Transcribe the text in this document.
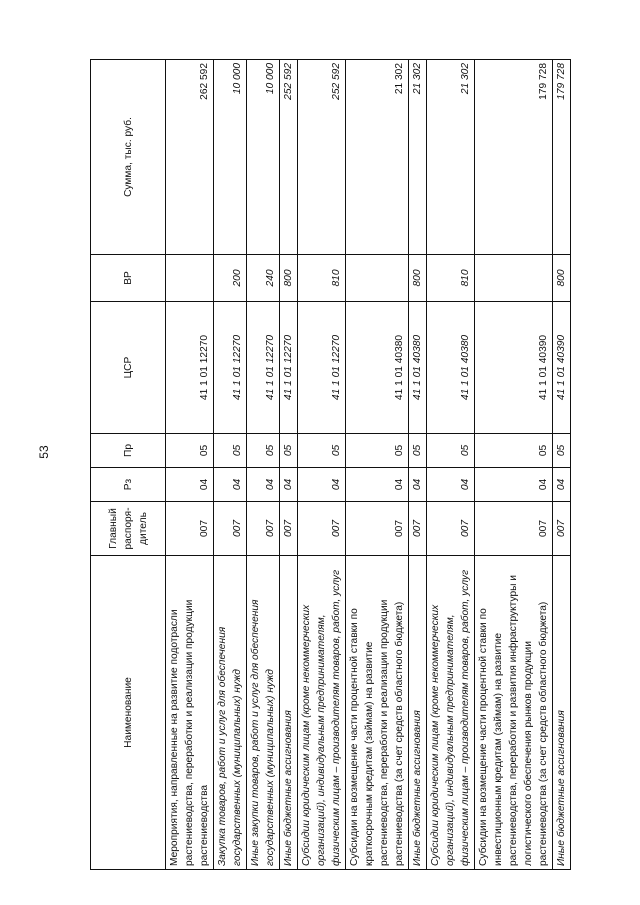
53
Наименование	Главный распоря-дитель	Рз	Пр	ЦСР	ВР	Сумма, тыс. руб.
Мероприятия, направленные на развитие подотрасли растениеводства, переработки и реализации продукции растениеводства	007	04	05	41 1 01 12270		262 592
Закупка товаров, работ и услуг для обеспечения государственных (муниципальных) нужд	007	04	05	41 1 01 12270	200	10 000
Иные закупки товаров, работ и услуг для обеспечения государственных (муниципальных) нужд	007	04	05	41 1 01 12270	240	10 000
Иные бюджетные ассигнования	007	04	05	41 1 01 12270	800	252 592
Субсидии юридическим лицам (кроме некоммерческих организаций), индивидуальным предпринимателям, физическим лицам – производителям товаров, работ, услуг	007	04	05	41 1 01 12270	810	252 592
Субсидии на возмещение части процентной ставки по краткосрочным кредитам (займам) на развитие растениеводства, переработки и реализации продукции растениеводства (за счет средств областного бюджета)	007	04	05	41 1 01 40380		21 302
Иные бюджетные ассигнования	007	04	05	41 1 01 40380	800	21 302
Субсидии юридическим лицам (кроме некоммерческих организаций), индивидуальным предпринимателям, физическим лицам – производителям товаров, работ, услуг	007	04	05	41 1 01 40380	810	21 302
Субсидии на возмещение части процентной ставки по инвестиционным кредитам (займам) на развитие растениеводства, переработки и развития инфраструктуры и логистического обеспечения рынков продукции растениеводства (за счет средств областного бюджета)	007	04	05	41 1 01 40390		179 728
Иные бюджетные ассигнования	007	04	05	41 1 01 40390	800	179 728
